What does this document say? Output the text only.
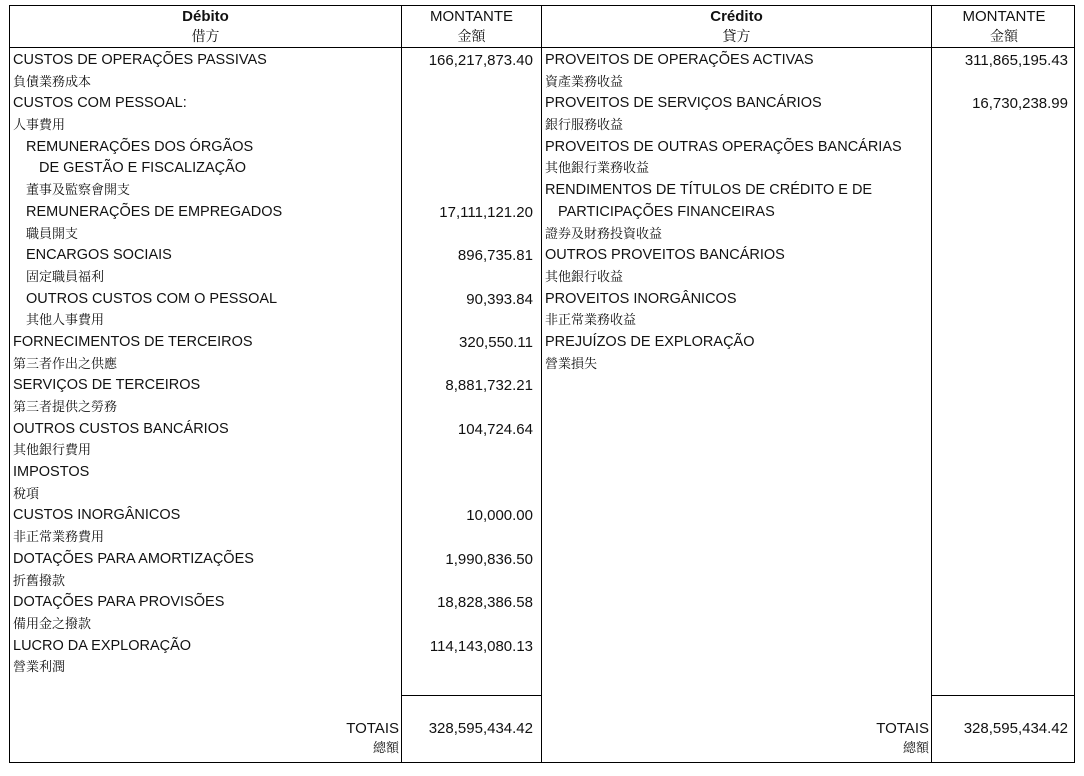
Débito
借方
MONTANTE
金額
Crédito
貸方
MONTANTE
金額
CUSTOS DE OPERAÇÕES PASSIVAS
負債業務成本
CUSTOS COM PESSOAL:
人事費用
REMUNERAÇÕES DOS ÓRGÃOS
DE GESTÃO E FISCALIZAÇÃO
董事及監察會開支
REMUNERAÇÕES DE EMPREGADOS
職員開支
ENCARGOS SOCIAIS
固定職員福利
OUTROS CUSTOS COM O PESSOAL
其他人事費用
FORNECIMENTOS DE TERCEIROS
第三者作出之供應
SERVIÇOS DE TERCEIROS
第三者提供之勞務
OUTROS CUSTOS BANCÁRIOS
其他銀行費用
IMPOSTOS
稅項
CUSTOS INORGÂNICOS
非正常業務費用
DOTAÇÕES PARA AMORTIZAÇÕES
折舊撥款
DOTAÇÕES PARA PROVISÕES
備用金之撥款
LUCRO DA EXPLORAÇÃO
營業利潤
166,217,873.40
17,111,121.20
896,735.81
90,393.84
320,550.11
8,881,732.21
104,724.64
10,000.00
1,990,836.50
18,828,386.58
114,143,080.13
PROVEITOS DE OPERAÇÕES ACTIVAS
資產業務收益
PROVEITOS DE SERVIÇOS BANCÁRIOS
銀行服務收益
PROVEITOS DE OUTRAS OPERAÇÕES BANCÁRIAS
其他銀行業務收益
RENDIMENTOS DE TÍTULOS DE CRÉDITO E DE
PARTICIPAÇÕES FINANCEIRAS
證券及財務投資收益
OUTROS PROVEITOS BANCÁRIOS
其他銀行收益
PROVEITOS INORGÂNICOS
非正常業務收益
PREJUÍZOS DE EXPLORAÇÃO
營業損失
311,865,195.43
16,730,238.99
TOTAIS
總額
328,595,434.42	TOTAIS
總額
328,595,434.42
